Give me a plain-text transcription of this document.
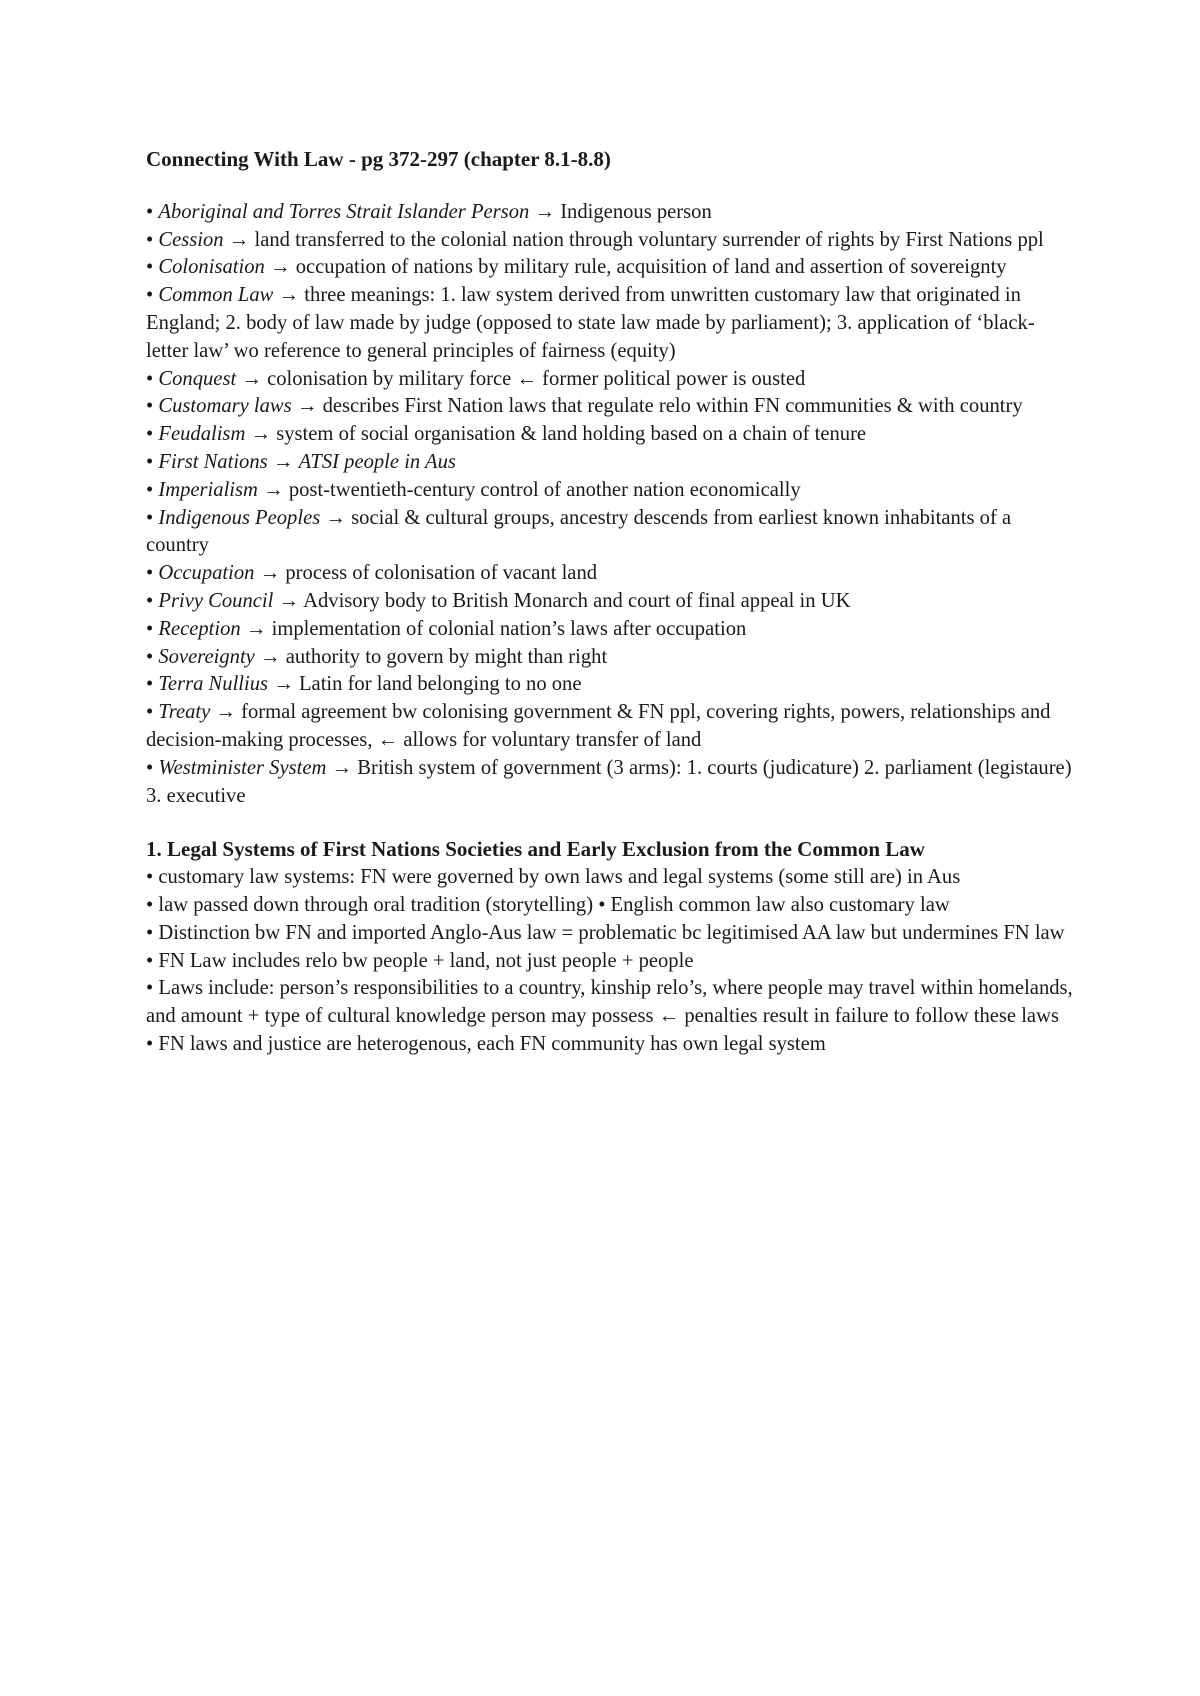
Connecting With Law - pg 372-297 (chapter 8.1-8.8)

• Aboriginal and Torres Strait Islander Person → Indigenous person

• Cession → land transferred to the colonial nation through voluntary surrender of rights by First Nations ppl

• Colonisation → occupation of nations by military rule, acquisition of land and assertion of sovereignty

• Common Law → three meanings: 1. law system derived from unwritten customary law that originated in England; 2. body of law made by judge (opposed to state law made by parliament); 3. application of ‘black-letter law’ wo reference to general principles of fairness (equity)

• Conquest → colonisation by military force ← former political power is ousted

• Customary laws → describes First Nation laws that regulate relo within FN communities & with country

• Feudalism → system of social organisation & land holding based on a chain of tenure

• First Nations → ATSI people in Aus

• Imperialism → post-twentieth-century control of another nation economically

• Indigenous Peoples → social & cultural groups, ancestry descends from earliest known inhabitants of a country

• Occupation → process of colonisation of vacant land

• Privy Council → Advisory body to British Monarch and court of final appeal in UK

• Reception → implementation of colonial nation’s laws after occupation

• Sovereignty → authority to govern by might than right

• Terra Nullius → Latin for land belonging to no one

• Treaty → formal agreement bw colonising government & FN ppl, covering rights, powers, relationships and decision-making processes, ← allows for voluntary transfer of land

• Westminister System → British system of government (3 arms): 1. courts (judicature) 2. parliament (legistaure) 3. executive

1. Legal Systems of First Nations Societies and Early Exclusion from the Common Law

• customary law systems: FN were governed by own laws and legal systems (some still are) in Aus

• law passed down through oral tradition (storytelling) • English common law also customary law

• Distinction bw FN and imported Anglo-Aus law = problematic bc legitimised AA law but undermines FN law

• FN Law includes relo bw people + land, not just people + people

• Laws include: person’s responsibilities to a country, kinship relo’s, where people may travel within homelands, and amount + type of cultural knowledge person may possess ← penalties result in failure to follow these laws

• FN laws and justice are heterogenous, each FN community has own legal system
